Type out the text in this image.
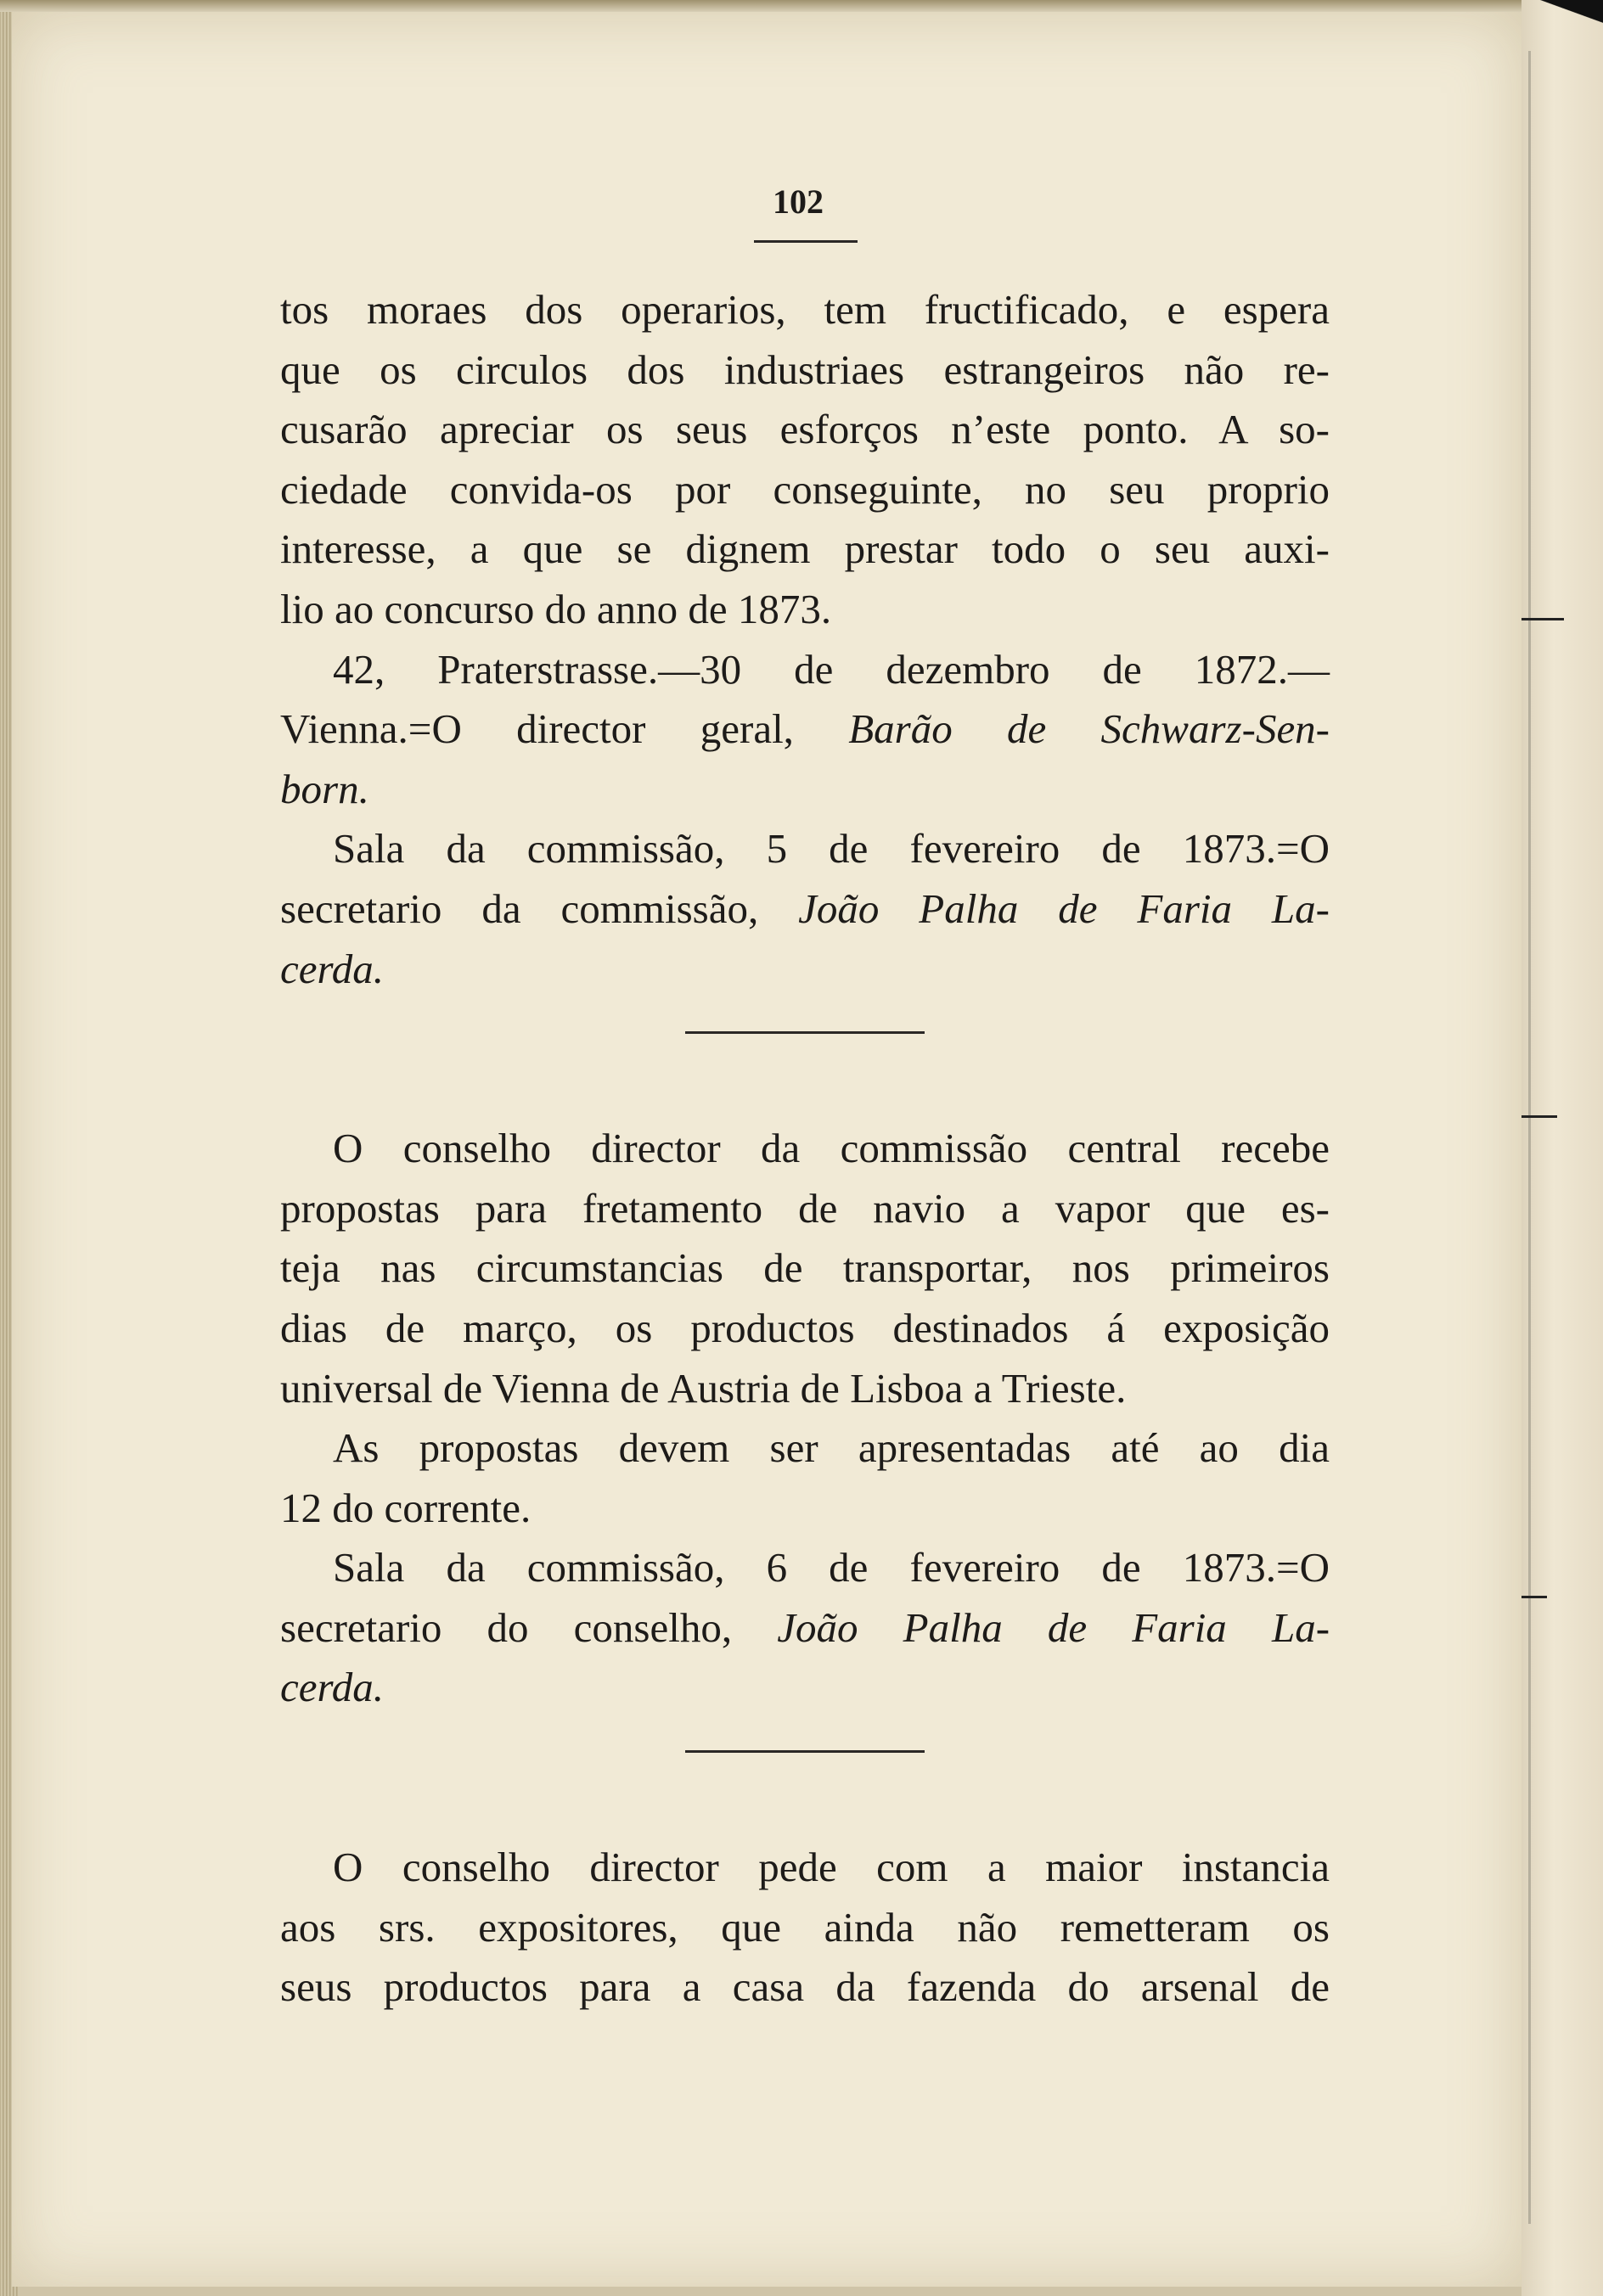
102

tos moraes dos operarios, tem fructificado, e espera
que os circulos dos industriaes estrangeiros não re-
cusarão apreciar os seus esforços n’este ponto. A so-
ciedade convida-os por conseguinte, no seu proprio
interesse, a que se dignem prestar todo o seu auxi-
lio ao concurso do anno de 1873.

42, Praterstrasse.—30 de dezembro de 1872.—
Vienna.=O director geral, Barão de Schwarz-Sen-
born.

Sala da commissão, 5 de fevereiro de 1873.=O
secretario da commissão, João Palha de Faria La-
cerda.

O conselho director da commissão central recebe
propostas para fretamento de navio a vapor que es-
teja nas circumstancias de transportar, nos primeiros
dias de março, os productos destinados á exposição
universal de Vienna de Austria de Lisboa a Trieste.

As propostas devem ser apresentadas até ao dia
12 do corrente.

Sala da commissão, 6 de fevereiro de 1873.=O
secretario do conselho, João Palha de Faria La-
cerda.

O conselho director pede com a maior instancia
aos srs. expositores, que ainda não remetteram os
seus productos para a casa da fazenda do arsenal de
